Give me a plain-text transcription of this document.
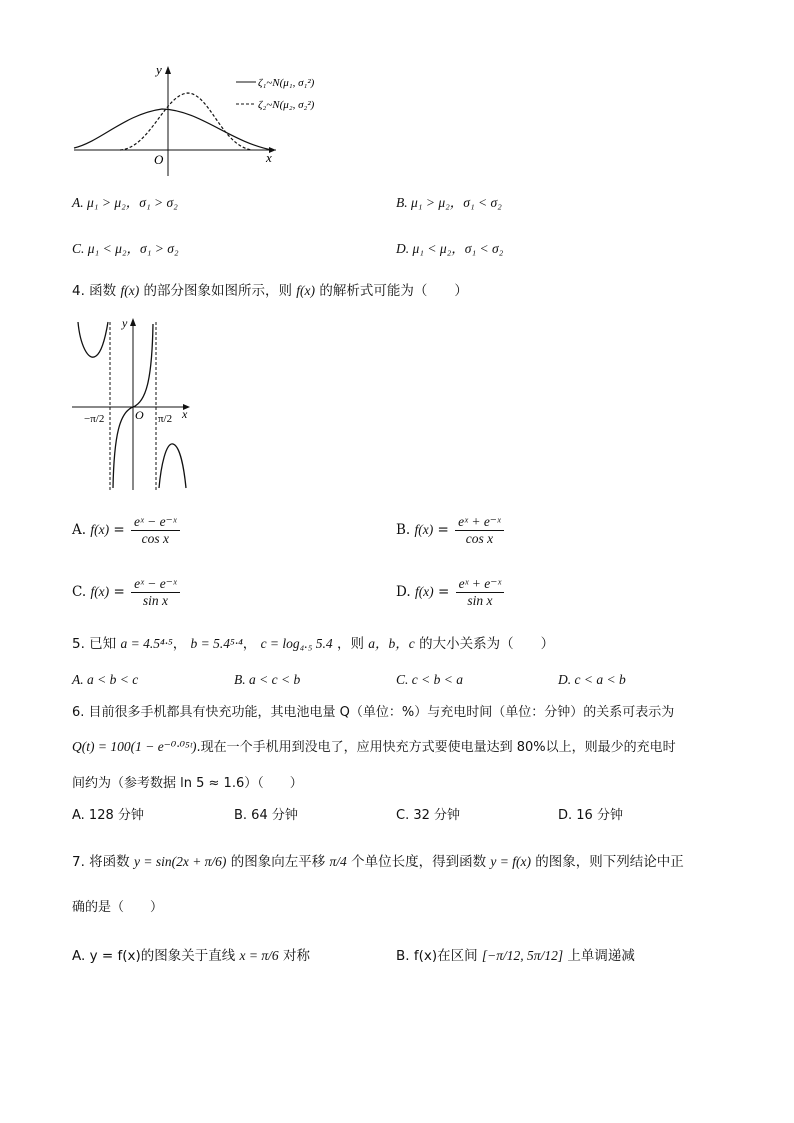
y
x
O
ζ₁~N(μ₁, σ₁²)
ζ₂~N(μ₂, σ₂²)
A. μ₁ > μ₂，σ₁ > σ₂	B. μ₁ > μ₂，σ₁ < σ₂
C. μ₁ < μ₂，σ₁ > σ₂	D. μ₁ < μ₂，σ₁ < σ₂
4. 函数 f(x) 的部分图象如图所示，则 f(x) 的解析式可能为（　　）
y
x
O
−π/2	π/2
A. $f(x) = \frac{\text{eˣ − e⁻ˣ}}{\text{cos x}}$	B. $f(x) = \frac{\text{eˣ + e⁻ˣ}}{\text{cos x}}$
C. $f(x) = \frac{\text{eˣ − e⁻ˣ}}{\text{sin x}}$	D. $f(x) = \frac{\text{eˣ + e⁻ˣ}}{\text{sin x}}$
5. 已知 a = 4.5⁴·⁵， b = 5.4⁵·⁴， c = log₄.₅ 5.4 ，则 a，b，c 的大小关系为（　　）
A. a < b < c	B. a < c < b	C. c < b < a	D. c < a < b
6. 目前很多手机都具有快充功能，其电池电量 Q（单位：%）与充电时间（单位：分钟）的关系可表示为
Q(t) = 100(1 − e⁻⁰·⁰⁵ᵗ).现在一个手机用到没电了，应用快充方式要使电量达到 80%以上，则最少的充电时
间约为（参考数据 ln 5 ≈ 1.6）（　　）
A. 128 分钟	B. 64 分钟	C. 32 分钟	D. 16 分钟
7. 将函数 y = sin(2x + π/6) 的图象向左平移 π/4 个单位长度，得到函数 y = f(x) 的图象，则下列结论中正
确的是（　　）
A. y = f(x)的图象关于直线 x = π/6 对称	B. f(x)在区间 [−π/12, 5π/12] 上单调递减
